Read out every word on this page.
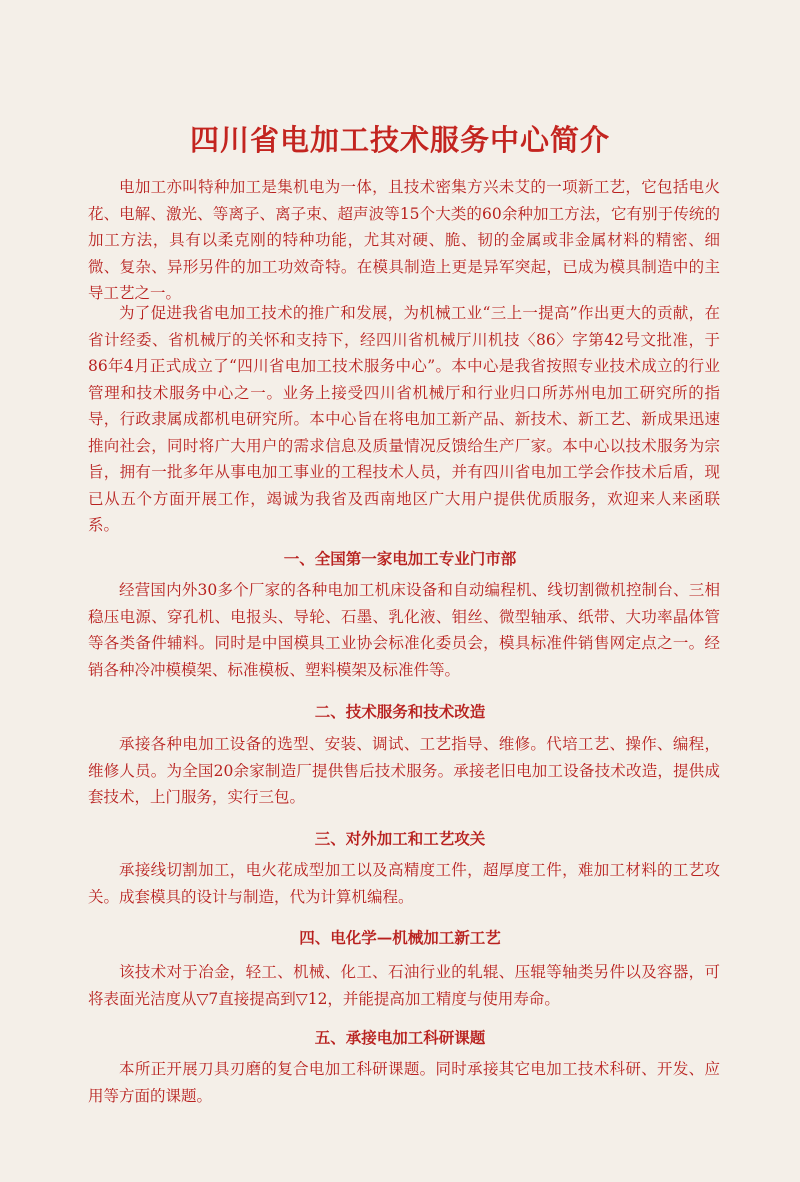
四川省电加工技术服务中心简介

电加工亦叫特种加工是集机电为一体，且技术密集方兴未艾的一项新工艺，它包括电火花、电解、激光、等离子、离子束、超声波等15个大类的60余种加工方法，它有别于传统的加工方法，具有以柔克刚的特种功能，尤其对硬、脆、韧的金属或非金属材料的精密、细微、复杂、异形另件的加工功效奇特。在模具制造上更是异军突起，已成为模具制造中的主导工艺之一。

为了促进我省电加工技术的推广和发展，为机械工业“三上一提高”作出更大的贡献，在省计经委、省机械厅的关怀和支持下，经四川省机械厅川机技〈86〉字第42号文批准，于86年4月正式成立了“四川省电加工技术服务中心”。本中心是我省按照专业技术成立的行业管理和技术服务中心之一。业务上接受四川省机械厅和行业归口所苏州电加工研究所的指导，行政隶属成都机电研究所。本中心旨在将电加工新产品、新技术、新工艺、新成果迅速推向社会，同时将广大用户的需求信息及质量情况反馈给生产厂家。本中心以技术服务为宗旨，拥有一批多年从事电加工事业的工程技术人员，并有四川省电加工学会作技术后盾，现已从五个方面开展工作，竭诚为我省及西南地区广大用户提供优质服务，欢迎来人来函联系。

一、全国第一家电加工专业门市部

经营国内外30多个厂家的各种电加工机床设备和自动编程机、线切割微机控制台、三相稳压电源、穿孔机、电报头、导轮、石墨、乳化液、钼丝、微型轴承、纸带、大功率晶体管等各类备件辅料。同时是中国模具工业协会标准化委员会，模具标准件销售网定点之一。经销各种冷冲模模架、标准模板、塑料模架及标准件等。

二、技术服务和技术改造

承接各种电加工设备的选型、安装、调试、工艺指导、维修。代培工艺、操作、编程，维修人员。为全国20余家制造厂提供售后技术服务。承接老旧电加工设备技术改造，提供成套技术，上门服务，实行三包。

三、对外加工和工艺攻关

承接线切割加工，电火花成型加工以及高精度工件，超厚度工件，难加工材料的工艺攻关。成套模具的设计与制造，代为计算机编程。

四、电化学—机械加工新工艺

该技术对于冶金，轻工、机械、化工、石油行业的轧辊、压辊等轴类另件以及容器，可将表面光洁度从▽7直接提高到▽12，并能提高加工精度与使用寿命。

五、承接电加工科研课题

本所正开展刀具刃磨的复合电加工科研课题。同时承接其它电加工技术科研、开发、应用等方面的课题。
